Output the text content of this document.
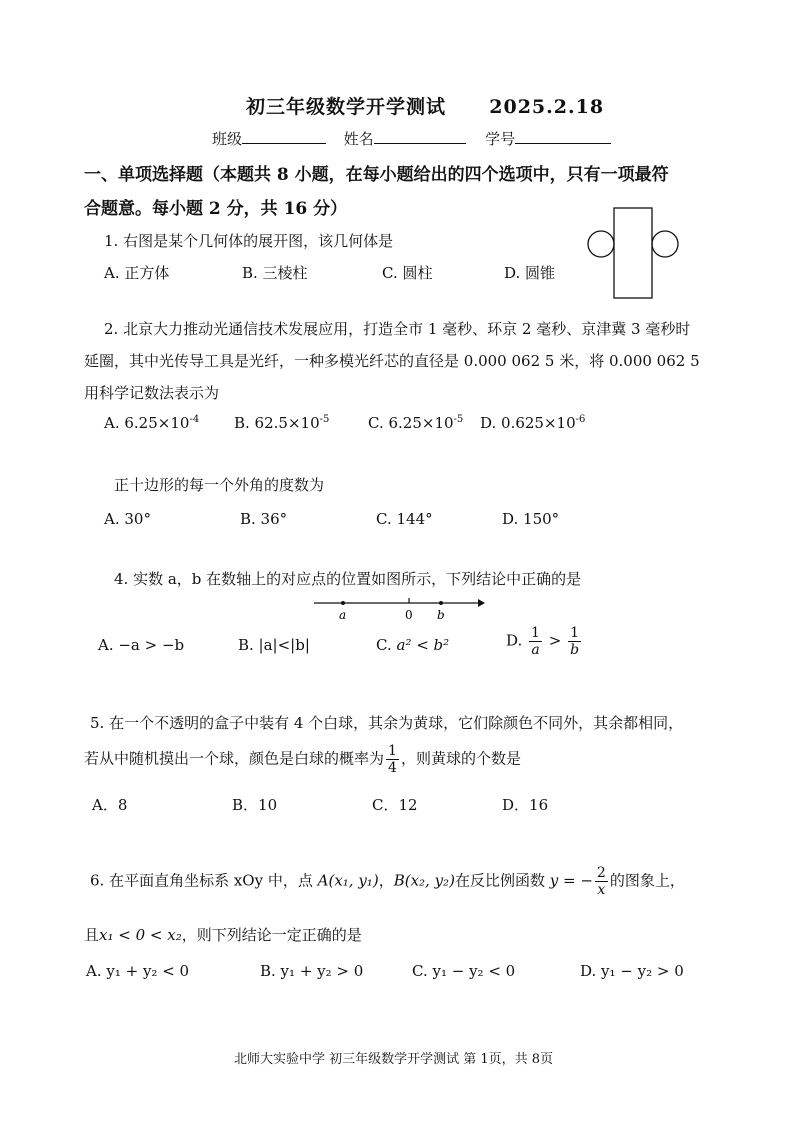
初三年级数学开学测试 2025.2.18
班级	姓名	学号
一、单项选择题（本题共 8 小题，在每小题给出的四个选项中，只有一项最符
合题意。每小题 2 分，共 16 分）
1. 右图是某个几何体的展开图，该几何体是
A. 正方体	B. 三棱柱	C. 圆柱	D. 圆锥
2. 北京大力推动光通信技术发展应用，打造全市 1 毫秒、环京 2 毫秒、京津冀 3 毫秒时
延圈，其中光传导工具是光纤，一种多模光纤芯的直径是 0.000 062 5 米，将 0.000 062 5
用科学记数法表示为
A. $6.25\times 10^{-4}$ B. $62.5\times 10^{-5}$	C. $6.25\times 10^{-5}$ D. $0.625\times 10^{-6}$
正十边形的每一个外角的度数为
A. 30°	B. 36°	C. 144°	D. 150°
4. 实数 a，b 在数轴上的对应点的位置如图所示，下列结论中正确的是
a	0 b
A. −a > −b	B. |a|<|b|	C. a² < b²	D. $\frac{1}{a} > \frac{1}{b}$
5. 在一个不透明的盒子中装有 4 个白球，其余为黄球，它们除颜色不同外，其余都相同，
若从中随机摸出一个球，颜色是白球的概率为 $\frac{1}{4}$ ，则黄球的个数是
A．8	B．10	C．12	D．16
6. 在平面直角坐标系 xOy 中，点 A(x₁, y₁)，B(x₂, y₂)在反比例函数 y = − $\frac{2}{x}$ 的图象上，
且x₁ < 0 < x₂，则下列结论一定正确的是
A. y₁ + y₂ < 0	B. y₁ + y₂ > 0	C. y₁ − y₂ < 0	D. y₁ − y₂ > 0
北师大实验中学 初三年级数学开学测试 第 1页，共 8页
